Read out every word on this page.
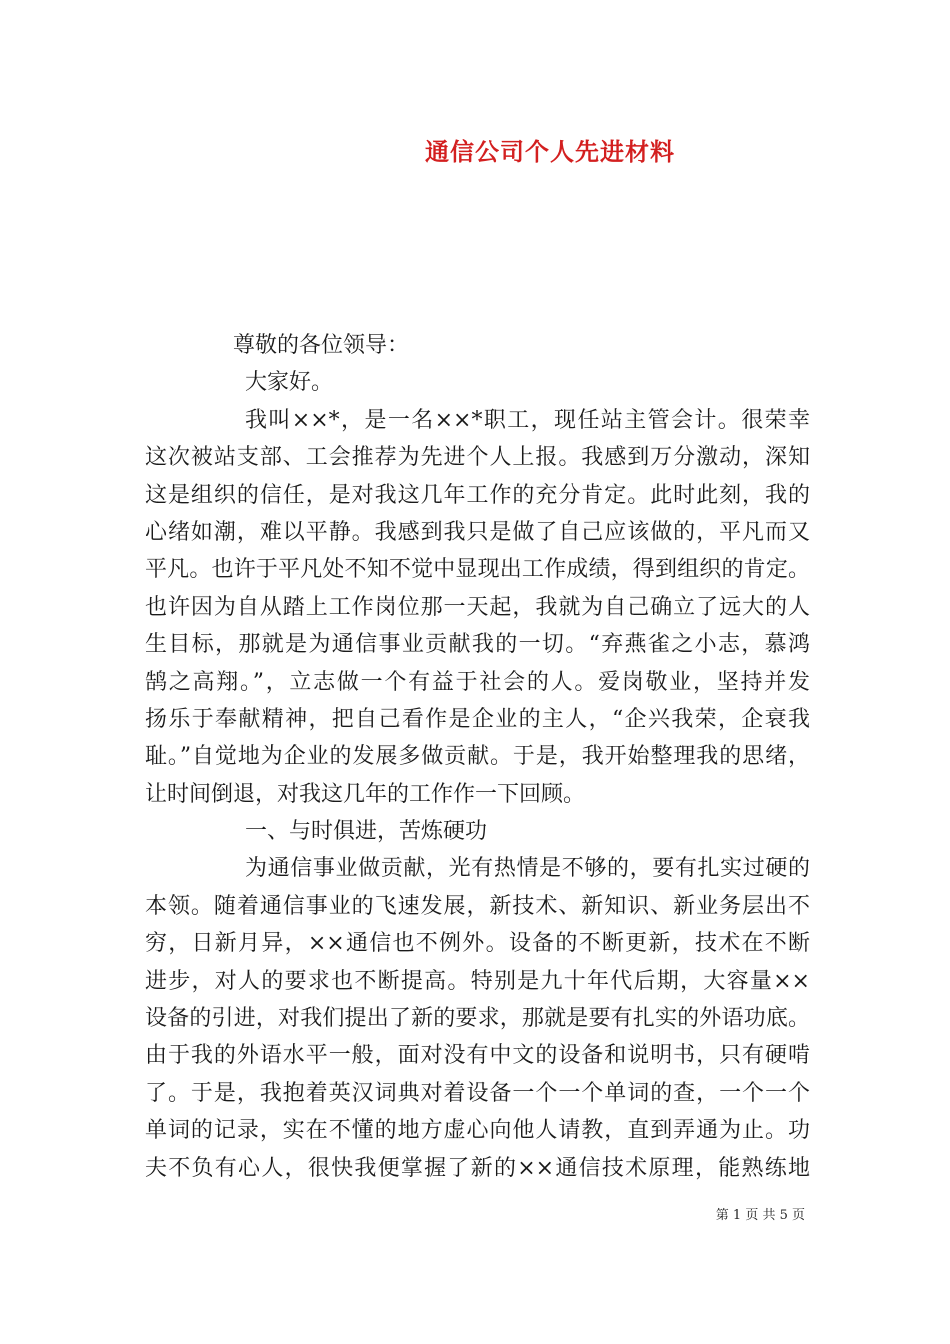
通信公司个人先进材料
尊敬的各位领导：
大家好。
我叫××*，是一名××*职工，现任站主管会计。很荣幸
这次被站支部、工会推荐为先进个人上报。我感到万分激动，深知
这是组织的信任，是对我这几年工作的充分肯定。此时此刻，我的
心绪如潮，难以平静。我感到我只是做了自己应该做的，平凡而又
平凡。也许于平凡处不知不觉中显现出工作成绩，得到组织的肯定。
也许因为自从踏上工作岗位那一天起，我就为自己确立了远大的人
生目标，那就是为通信事业贡献我的一切。“弃燕雀之小志，慕鸿
鹄之高翔。”，立志做一个有益于社会的人。爱岗敬业，坚持并发
扬乐于奉献精神，把自己看作是企业的主人，“企兴我荣，企衰我
耻。”自觉地为企业的发展多做贡献。于是，我开始整理我的思绪，
让时间倒退，对我这几年的工作作一下回顾。
一、与时俱进，苦炼硬功
为通信事业做贡献，光有热情是不够的，要有扎实过硬的
本领。随着通信事业的飞速发展，新技术、新知识、新业务层出不
穷，日新月异，××通信也不例外。设备的不断更新，技术在不断
进步，对人的要求也不断提高。特别是九十年代后期，大容量××
设备的引进，对我们提出了新的要求，那就是要有扎实的外语功底。
由于我的外语水平一般，面对没有中文的设备和说明书，只有硬啃
了。于是，我抱着英汉词典对着设备一个一个单词的查，一个一个
单词的记录，实在不懂的地方虚心向他人请教，直到弄通为止。功
夫不负有心人，很快我便掌握了新的××通信技术原理，能熟练地
第 1 页 共 5 页
